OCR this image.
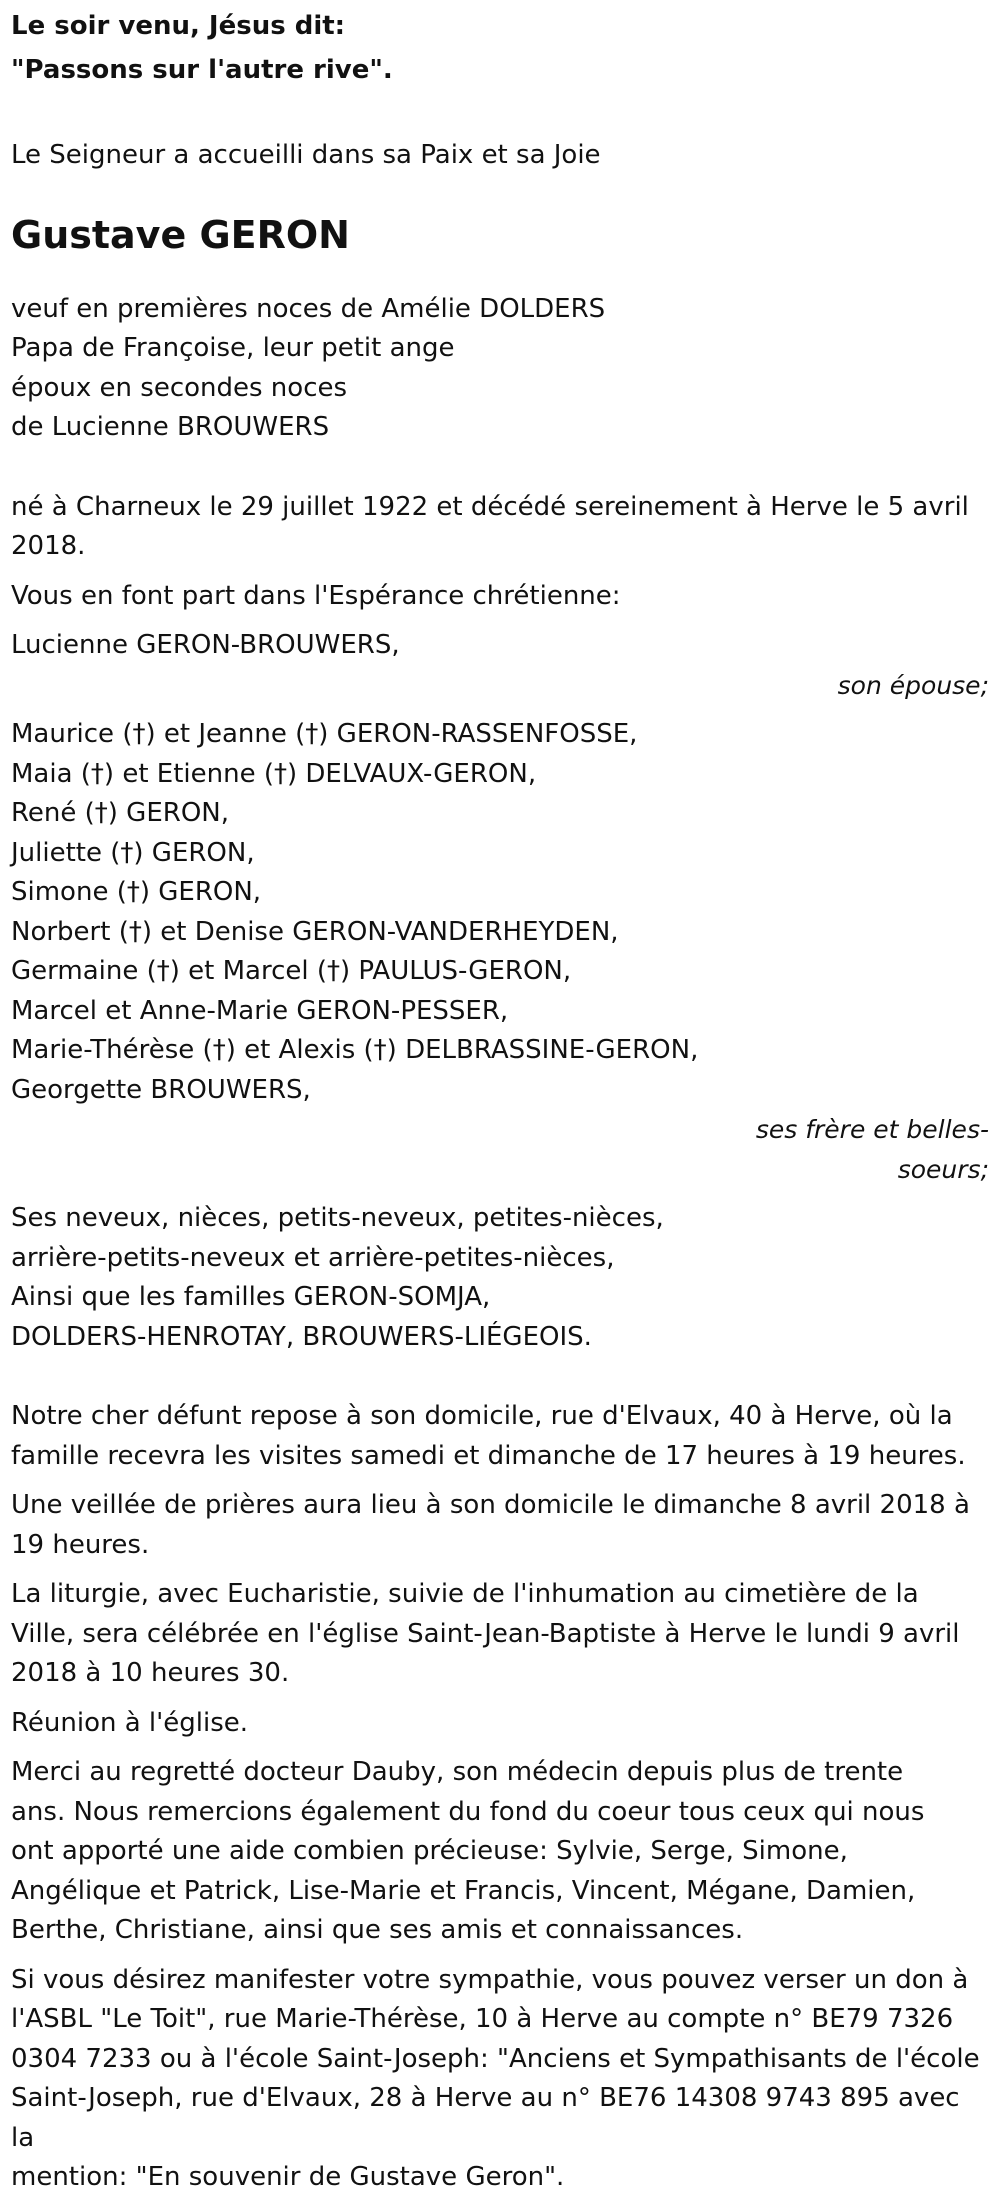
Le soir venu, Jésus dit:
"Passons sur l'autre rive".
Le Seigneur a accueilli dans sa Paix et sa Joie
Gustave GERON
veuf en premières noces de Amélie DOLDERS
Papa de Françoise, leur petit ange
époux en secondes noces
de Lucienne BROUWERS
né à Charneux le 29 juillet 1922 et décédé sereinement à Herve le 5 avril
2018.
Vous en font part dans l'Espérance chrétienne:
Lucienne GERON-BROUWERS,
son épouse;
Maurice (†) et Jeanne (†) GERON-RASSENFOSSE,
Maia (†) et Etienne (†) DELVAUX-GERON,
René (†) GERON,
Juliette (†) GERON,
Simone (†) GERON,
Norbert (†) et Denise GERON-VANDERHEYDEN,
Germaine (†) et Marcel (†) PAULUS-GERON,
Marcel et Anne-Marie GERON-PESSER,
Marie-Thérèse (†) et Alexis (†) DELBRASSINE-GERON,
Georgette BROUWERS,
ses frère et belles-
soeurs;
Ses neveux, nièces, petits-neveux, petites-nièces,
arrière-petits-neveux et arrière-petites-nièces,
Ainsi que les familles GERON-SOMJA,
DOLDERS-HENROTAY, BROUWERS-LIÉGEOIS.
Notre cher défunt repose à son domicile, rue d'Elvaux, 40 à Herve, où la
famille recevra les visites samedi et dimanche de 17 heures à 19 heures.
Une veillée de prières aura lieu à son domicile le dimanche 8 avril 2018 à
19 heures.
La liturgie, avec Eucharistie, suivie de l'inhumation au cimetière de la
Ville, sera célébrée en l'église Saint-Jean-Baptiste à Herve le lundi 9 avril
2018 à 10 heures 30.
Réunion à l'église.
Merci au regretté docteur Dauby, son médecin depuis plus de trente
ans. Nous remercions également du fond du coeur tous ceux qui nous
ont apporté une aide combien précieuse: Sylvie, Serge, Simone,
Angélique et Patrick, Lise-Marie et Francis, Vincent, Mégane, Damien,
Berthe, Christiane, ainsi que ses amis et connaissances.
Si vous désirez manifester votre sympathie, vous pouvez verser un don à
l'ASBL "Le Toit", rue Marie-Thérèse, 10 à Herve au compte n° BE79 7326
0304 7233 ou à l'école Saint-Joseph: "Anciens et Sympathisants de l'école
Saint-Joseph, rue d'Elvaux, 28 à Herve au n° BE76 14308 9743 895 avec la
mention: "En souvenir de Gustave Geron".
